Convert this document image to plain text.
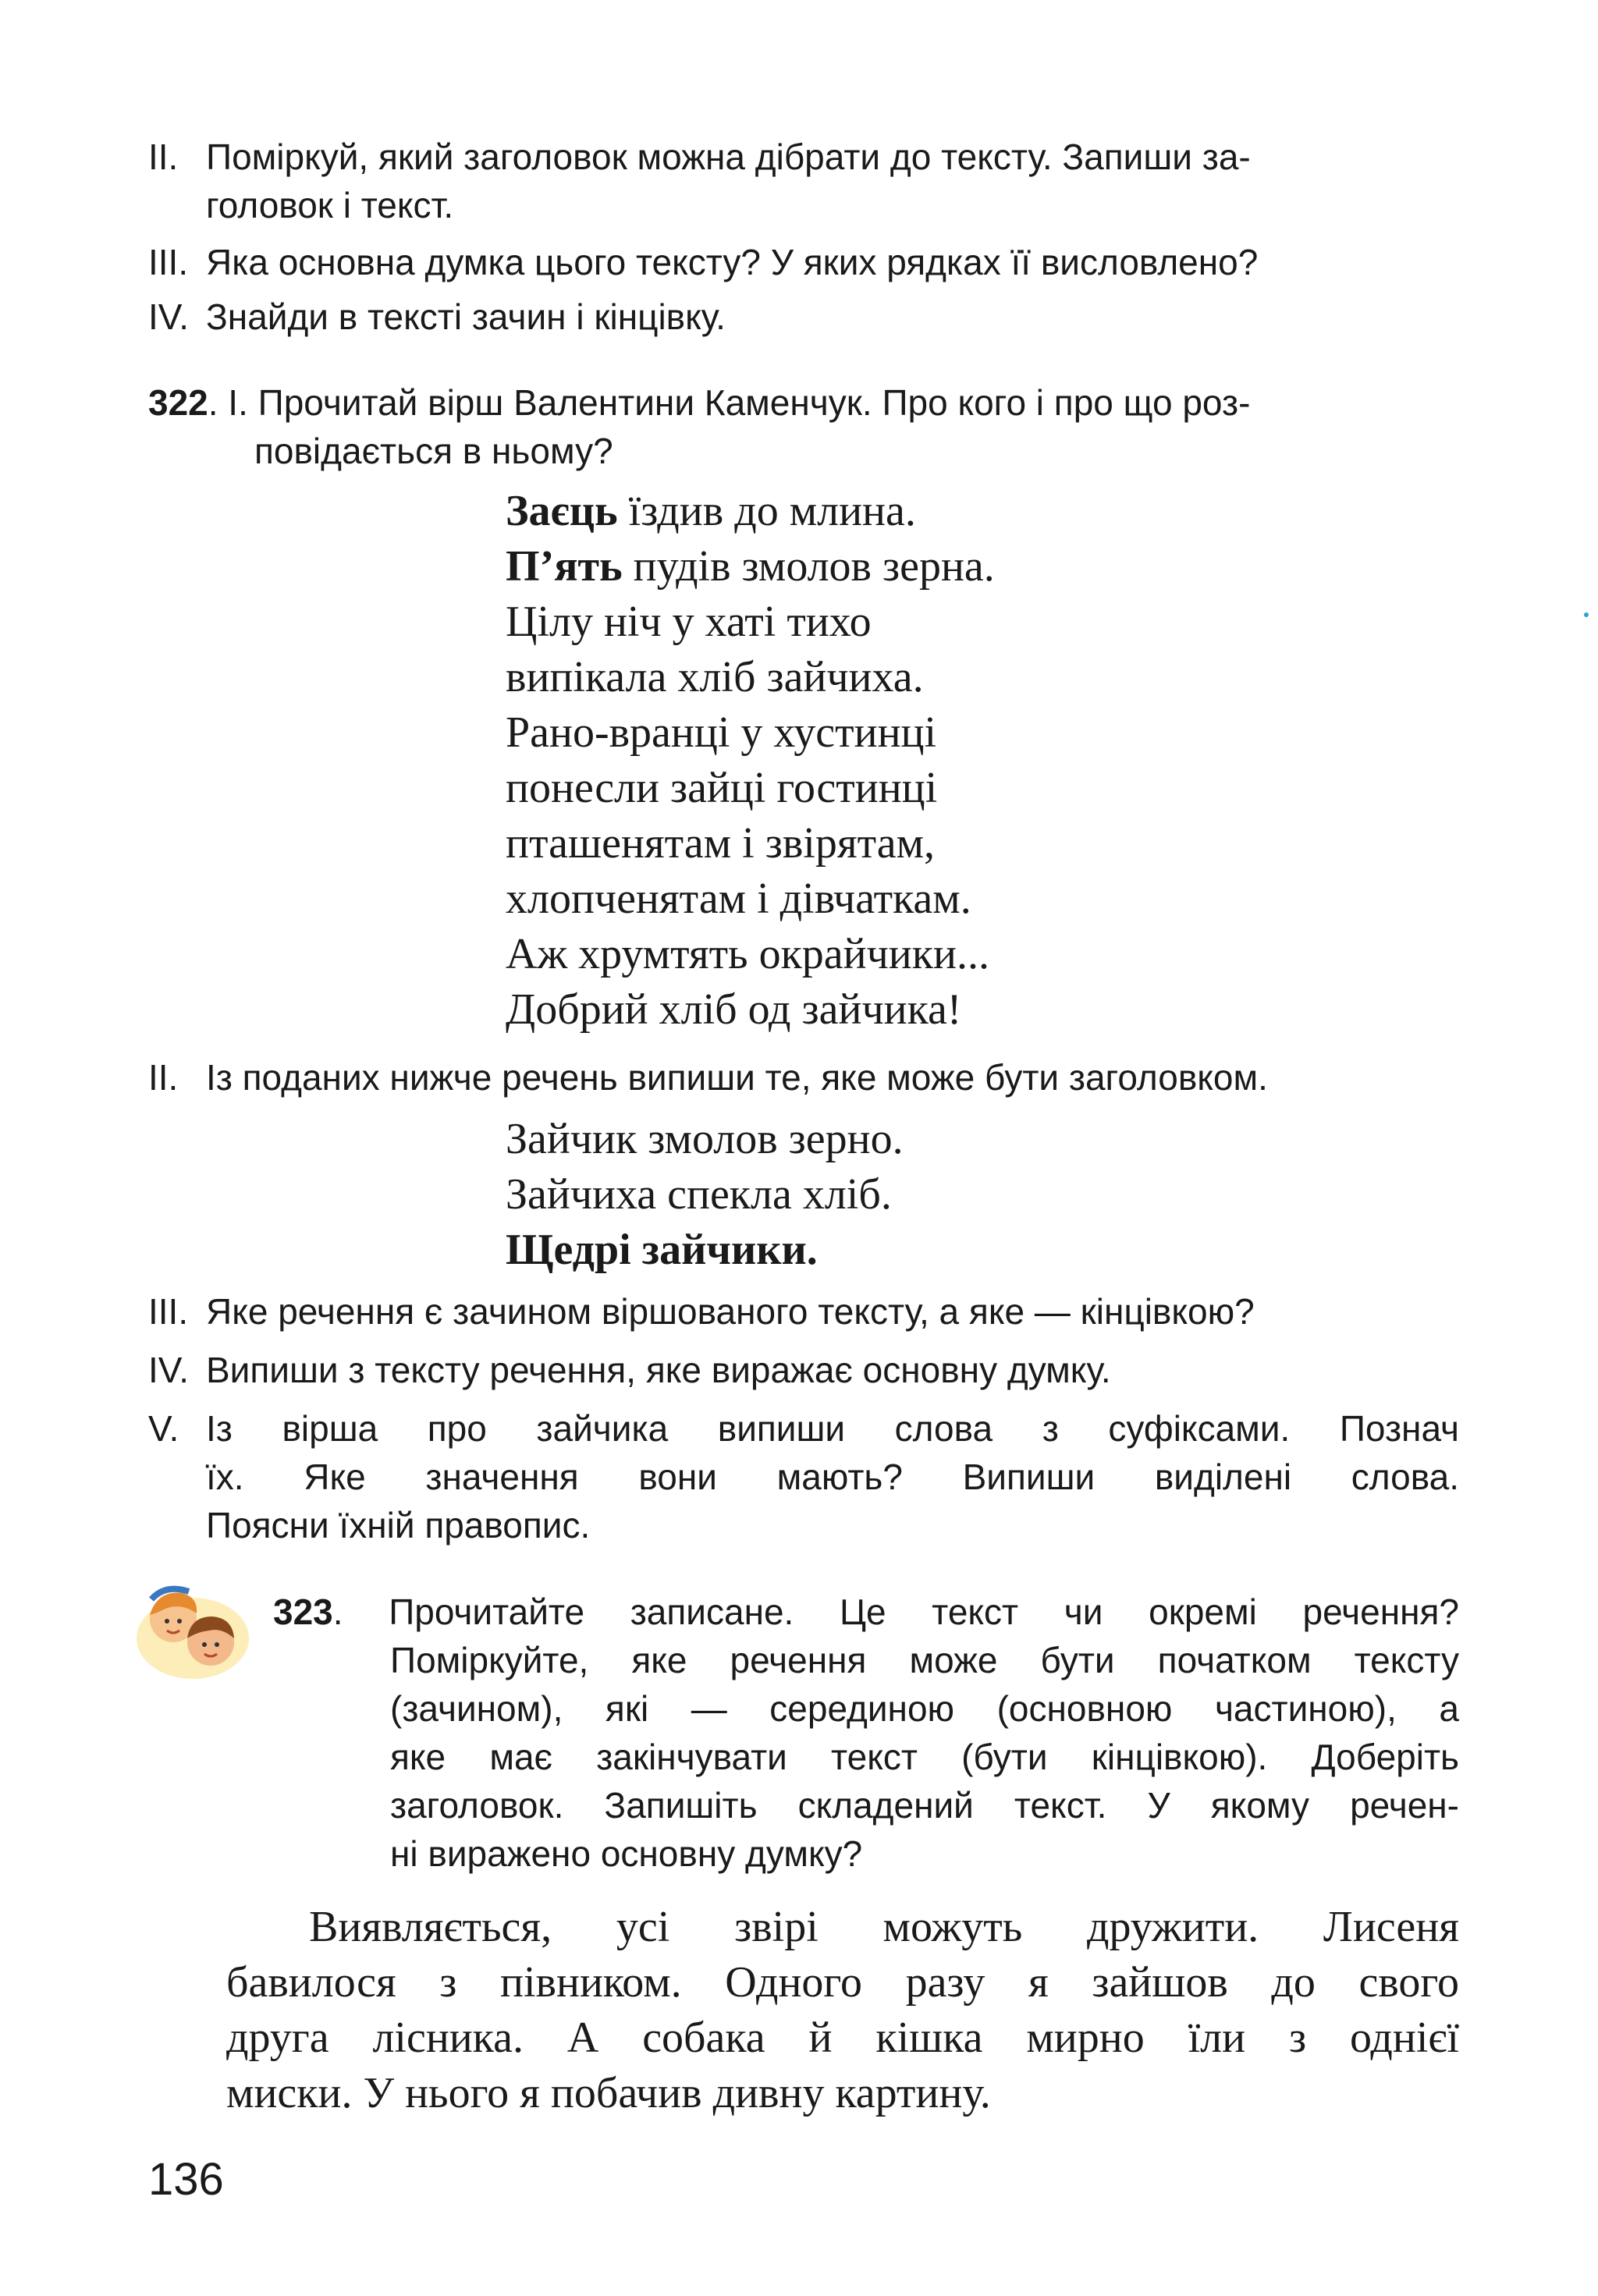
II. Поміркуй, який заголовок можна дібрати до тексту. Запиши за-
головок і текст.
III. Яка основна думка цього тексту? У яких рядках її висловлено?
IV. Знайди в тексті зачин і кінцівку.
322. І. Прочитай вірш Валентини Каменчук. Про кого і про що роз-
повідається в ньому?
Заєць їздив до млина.
П’ять пудів змолов зерна.
Цілу ніч у хаті тихо
випікала хліб зайчиха.
Рано-вранці у хустинці
понесли зайці гостинці
пташенятам і звірятам,
хлопченятам і дівчаткам.
Аж хрумтять окрайчики...
Добрий хліб од зайчика!
II. Із поданих нижче речень випиши те, яке може бути заголовком.
Зайчик змолов зерно.
Зайчиха спекла хліб.
Щедрі зайчики.
III. Яке речення є зачином віршованого тексту, а яке — кінцівкою?
IV. Випиши з тексту речення, яке виражає основну думку.
V. Із вірша про зайчика випиши слова з суфіксами. Познач
їх. Яке значення вони мають? Випиши виділені слова.
Поясни їхній правопис.
323. Прочитайте записане. Це текст чи окремі речення?
Поміркуйте, яке речення може бути початком тексту
(зачином), які — серединою (основною частиною), а
яке має закінчувати текст (бути кінцівкою). Доберіть
заголовок. Запишіть складений текст. У якому речен-
ні виражено основну думку?
Виявляється, усі звірі можуть дружити. Лисеня
бавилося з півником. Одного разу я зайшов до свого
друга лісника. А собака й кішка мирно їли з однієї
миски. У нього я побачив дивну картину.
136
